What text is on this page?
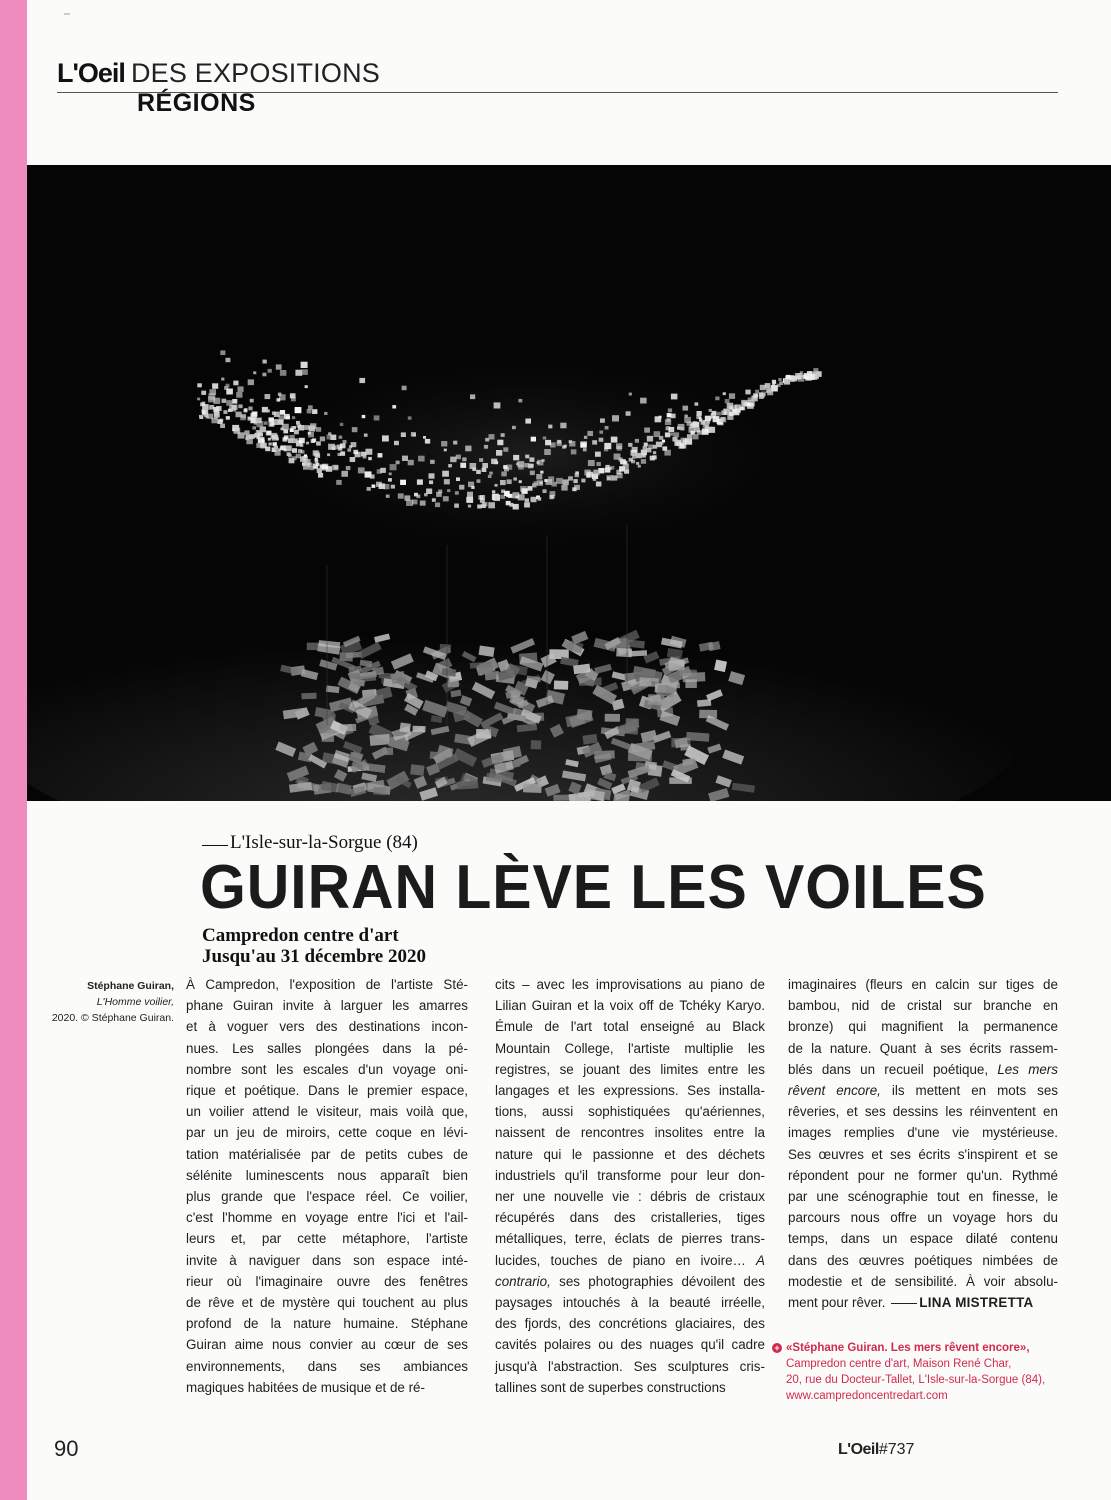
L'Oeil DES EXPOSITIONS
RÉGIONS
L'Isle-sur-la-Sorgue (84)
GUIRAN LÈVE LES VOILES
Campredon centre d'art
Jusqu'au 31 décembre 2020
Stéphane Guiran,
L'Homme voilier,
2020. © Stéphane Guiran.
À Campredon, l'exposition de l'artiste Sté-
phane Guiran invite à larguer les amarres
et à voguer vers des destinations incon-
nues. Les salles plongées dans la pé-
nombre sont les escales d'un voyage oni-
rique et poétique. Dans le premier espace,
un voilier attend le visiteur, mais voilà que,
par un jeu de miroirs, cette coque en lévi-
tation matérialisée par de petits cubes de
sélénite luminescents nous apparaît bien
plus grande que l'espace réel. Ce voilier,
c'est l'homme en voyage entre l'ici et l'ail-
leurs et, par cette métaphore, l'artiste
invite à naviguer dans son espace inté-
rieur où l'imaginaire ouvre des fenêtres
de rêve et de mystère qui touchent au plus
profond de la nature humaine. Stéphane
Guiran aime nous convier au cœur de ses
environnements, dans ses ambiances
magiques habitées de musique et de ré-
cits – avec les improvisations au piano de
Lilian Guiran et la voix off de Tchéky Karyo.
Émule de l'art total enseigné au Black
Mountain College, l'artiste multiplie les
registres, se jouant des limites entre les
langages et les expressions. Ses installa-
tions, aussi sophistiquées qu'aériennes,
naissent de rencontres insolites entre la
nature qui le passionne et des déchets
industriels qu'il transforme pour leur don-
ner une nouvelle vie : débris de cristaux
récupérés dans des cristalleries, tiges
métalliques, terre, éclats de pierres trans-
lucides, touches de piano en ivoire… A
contrario, ses photographies dévoilent des
paysages intouchés à la beauté irréelle,
des fjords, des concrétions glaciaires, des
cavités polaires ou des nuages qu'il cadre
jusqu'à l'abstraction. Ses sculptures cris-
tallines sont de superbes constructions
imaginaires (fleurs en calcin sur tiges de
bambou, nid de cristal sur branche en
bronze) qui magnifient la permanence
de la nature. Quant à ses écrits rassem-
blés dans un recueil poétique, Les mers
rêvent encore, ils mettent en mots ses
rêveries, et ses dessins les réinventent en
images remplies d'une vie mystérieuse.
Ses œuvres et ses écrits s'inspirent et se
répondent pour ne former qu'un. Rythmé
par une scénographie tout en finesse, le
parcours nous offre un voyage hors du
temps, dans un espace dilaté contenu
dans des œuvres poétiques nimbées de
modestie et de sensibilité. À voir absolu-
ment pour rêver. LINA MISTRETTA
+ «Stéphane Guiran. Les mers rêvent encore»,
Campredon centre d'art, Maison René Char,
20, rue du Docteur-Tallet, L'Isle-sur-la-Sorgue (84),
www.campredoncentredart.com
90	L'Oeil#737
